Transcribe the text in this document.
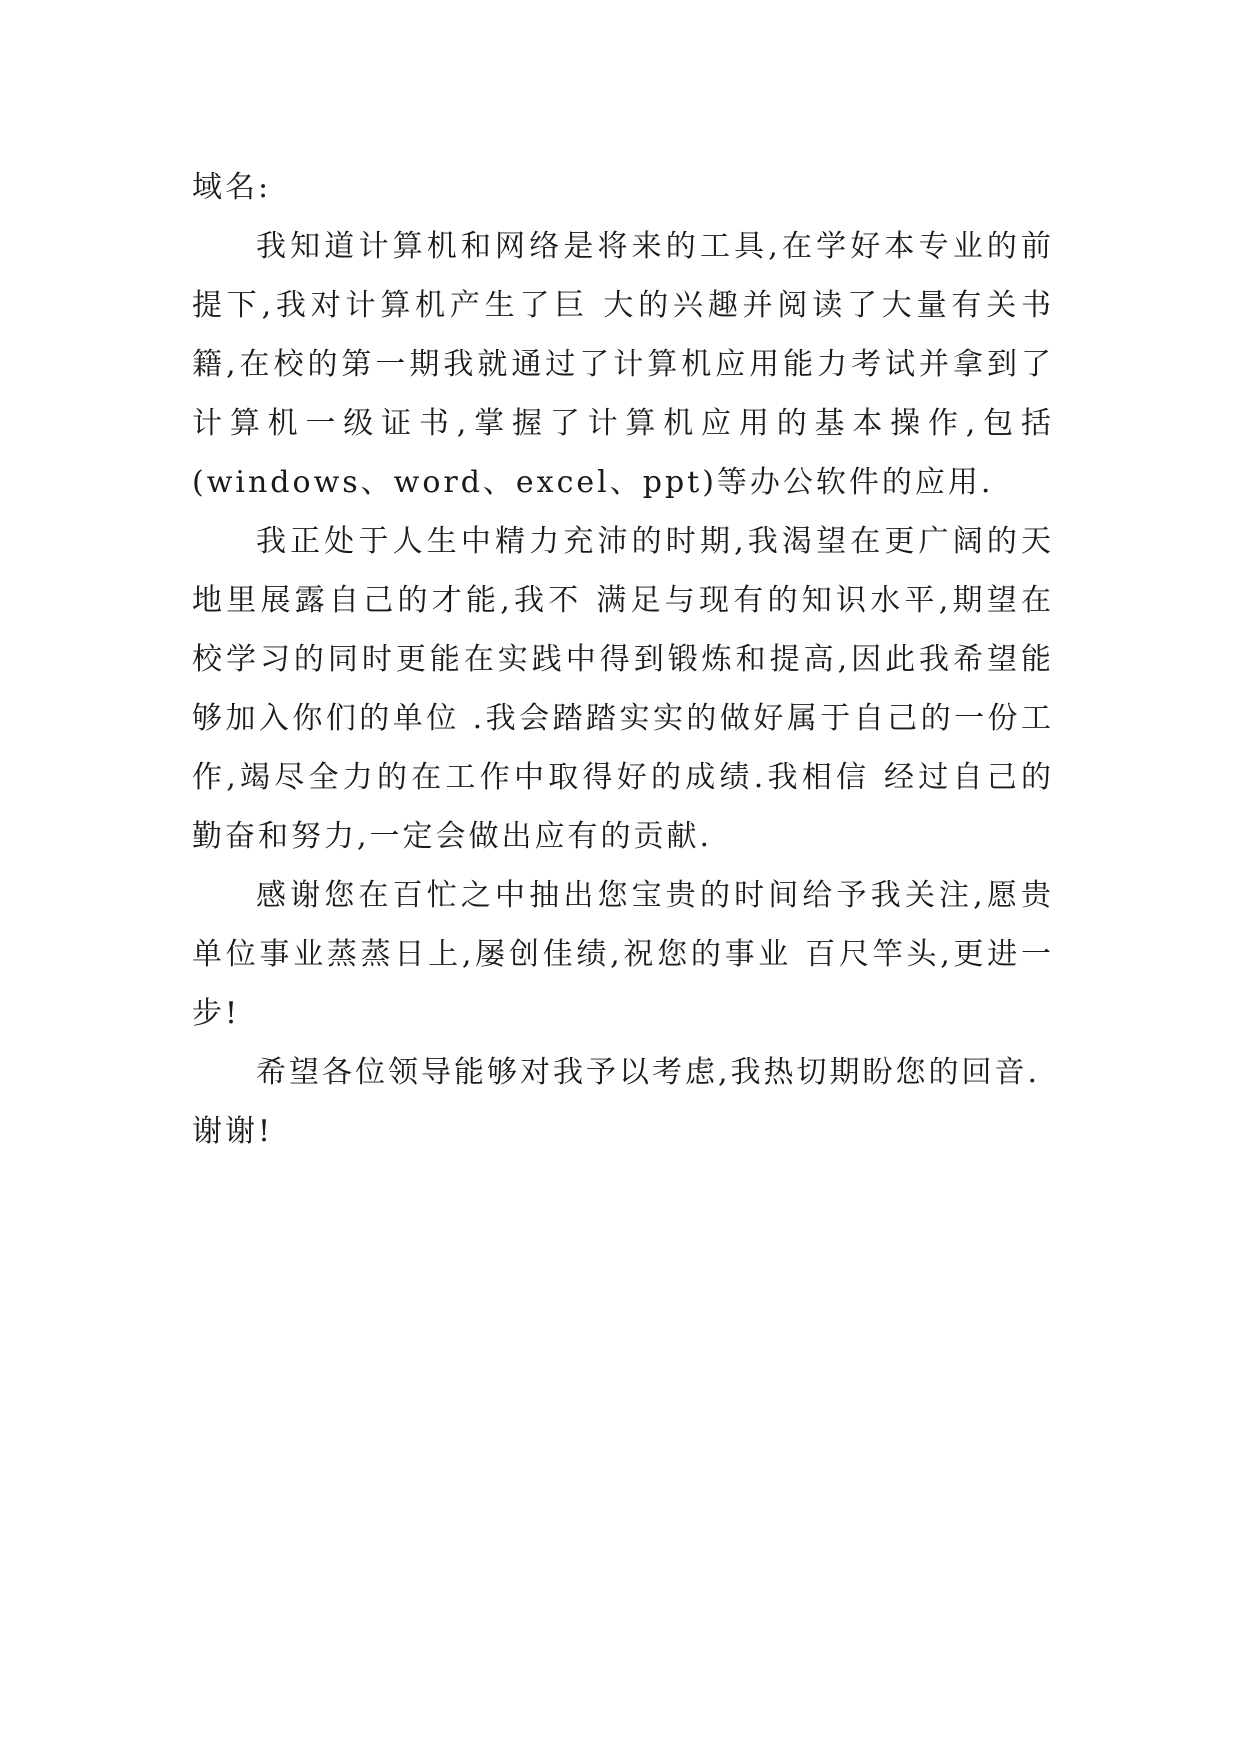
域名:

我知道计算机和网络是将来的工具,在学好本专业的前提下,我对计算机产生了巨 大的兴趣并阅读了大量有关书籍,在校的第一期我就通过了计算机应用能力考试并拿到了计算机一级证书,掌握了计算机应用的基本操作,包括(windows、word、excel、ppt)等办公软件的应用.

我正处于人生中精力充沛的时期,我渴望在更广阔的天地里展露自己的才能,我不 满足与现有的知识水平,期望在校学习的同时更能在实践中得到锻炼和提高,因此我希望能够加入你们的单位 .我会踏踏实实的做好属于自己的一份工作,竭尽全力的在工作中取得好的成绩.我相信 经过自己的勤奋和努力,一定会做出应有的贡献.

感谢您在百忙之中抽出您宝贵的时间给予我关注,愿贵单位事业蒸蒸日上,屡创佳绩,祝您的事业 百尺竿头,更进一步!

希望各位领导能够对我予以考虑,我热切期盼您的回音.

谢谢!
